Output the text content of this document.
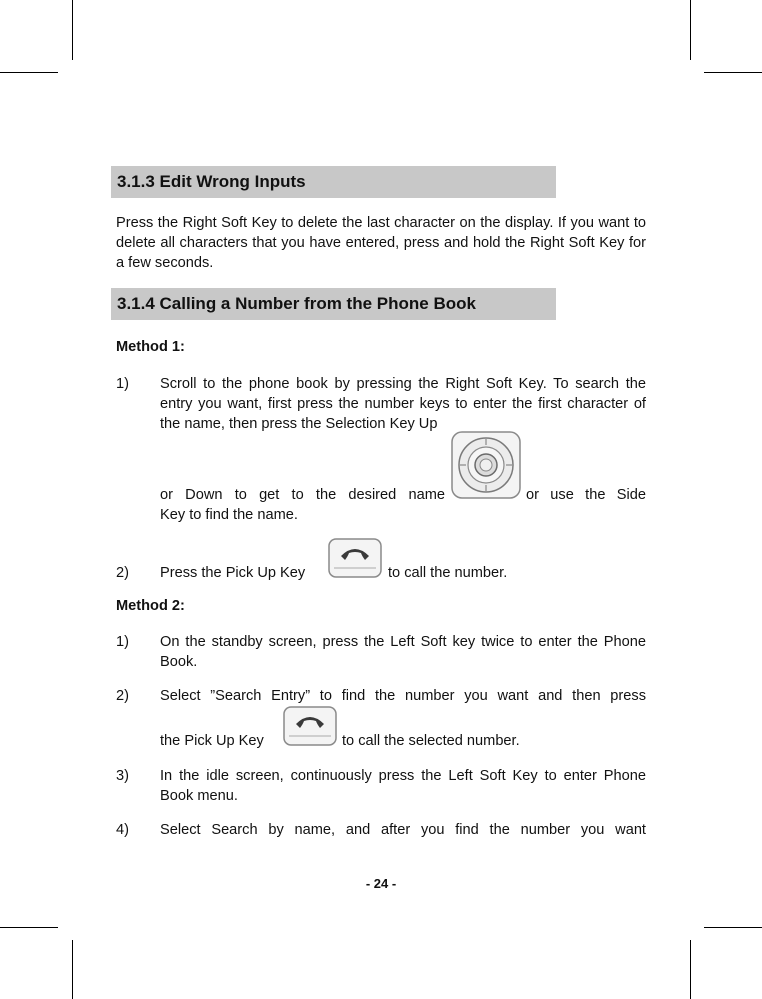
3.1.3 Edit Wrong Inputs

Press the Right Soft Key to delete the last character on the display. If you want to delete all characters that you have entered, press and hold the Right Soft Key for a few seconds.

3.1.4 Calling a Number from the Phone Book

Method 1:

1) Scroll to the phone book by pressing the Right Soft Key. To search the entry you want, first press the number keys to enter the first character of the name, then press the Selection Key Up

or Down to get to the desired name	or use the Side
Key to find the name.
2) Press the Pick Up Key	to call the number.

Method 2:

1) On the standby screen, press the Left Soft key twice to enter the Phone Book.

2) Select ”Search Entry” to find the number you want and then press

the Pick Up Key	to call the selected number.
3) In the idle screen, continuously press the Left Soft Key to enter Phone Book menu.

4) Select Search by name, and after you find the number you want

- 24 -
